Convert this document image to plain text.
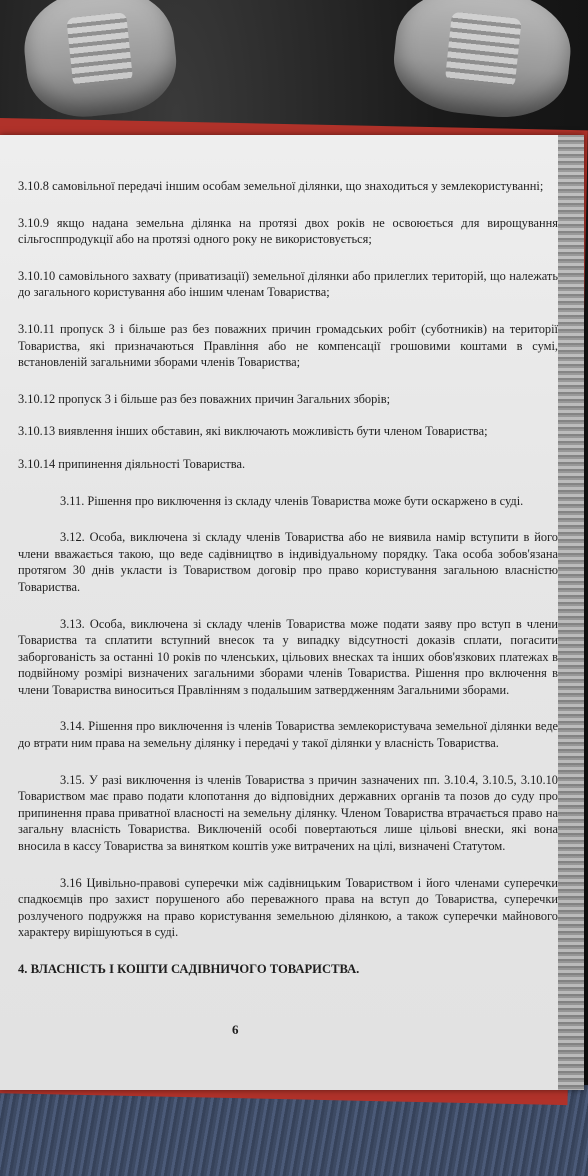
3.10.8 самовільної передачі іншим особам земельної ділянки, що знаходиться у землекористуванні;

3.10.9 якщо надана земельна ділянка на протязі двох років не освоюється для вирощування сільгосппродукції або на протязі одного року не використовується;

3.10.10 самовільного захвату (приватизації) земельної ділянки або прилеглих територій, що належать до загального користування або іншим членам Товариства;

3.10.11 пропуск 3 і більше раз без поважних причин громадських робіт (суботників) на території Товариства, які призначаються Правління або не компенсації грошовими коштами в сумі, встановленій загальними зборами членів Товариства;

3.10.12 пропуск 3 і більше раз без поважних причин Загальних зборів;

3.10.13 виявлення інших обставин, які виключають можливість бути членом Товариства;

3.10.14 припинення діяльності Товариства.

3.11. Рішення про виключення із складу членів Товариства може бути оскаржено в суді.

3.12. Особа, виключена зі складу членів Товариства або не виявила намір вступити в його члени вважається такою, що веде садівництво в індивідуальному порядку. Така особа зобов'язана протягом 30 днів укласти із Товариством договір про право користування загальною власністю Товариства.

3.13. Особа, виключена зі складу членів Товариства може подати заяву про вступ в члени Товариства та сплатити вступний внесок та у випадку відсутності доказів сплати, погасити заборгованість за останні 10 років по членських, цільових внесках та інших обов'язкових платежах в подвійному розмірі визначених загальними зборами членів Товариства. Рішення про включення в члени Товариства виноситься Правлінням з подальшим затвердженням Загальними зборами.

3.14. Рішення про виключення із членів Товариства землекористувача земельної ділянки веде до втрати ним права на земельну ділянку і передачі у такої ділянки у власність Товариства.

3.15. У разі виключення із членів Товариства з причин зазначених пп. 3.10.4, 3.10.5, 3.10.10 Товариством має право подати клопотання до відповідних державних органів та позов до суду про припинення права приватної власності на земельну ділянку. Членом Товариства втрачається право на загальну власність Товариства. Виключеній особі повертаються лише цільові внески, які вона вносила в кассу Товариства за винятком коштів уже витрачених на цілі, визначені Статутом.

3.16 Цивільно-правові суперечки між садівницьким Товариством і його членами суперечки спадкоємців про захист порушеного або переважного права на вступ до Товариства, суперечки розлученого подружжя на право користування земельною ділянкою, а також суперечки майнового характеру вирішуються в суді.

4. ВЛАСНІСТЬ І КОШТИ САДІВНИЧОГО ТОВАРИСТВА.

6
